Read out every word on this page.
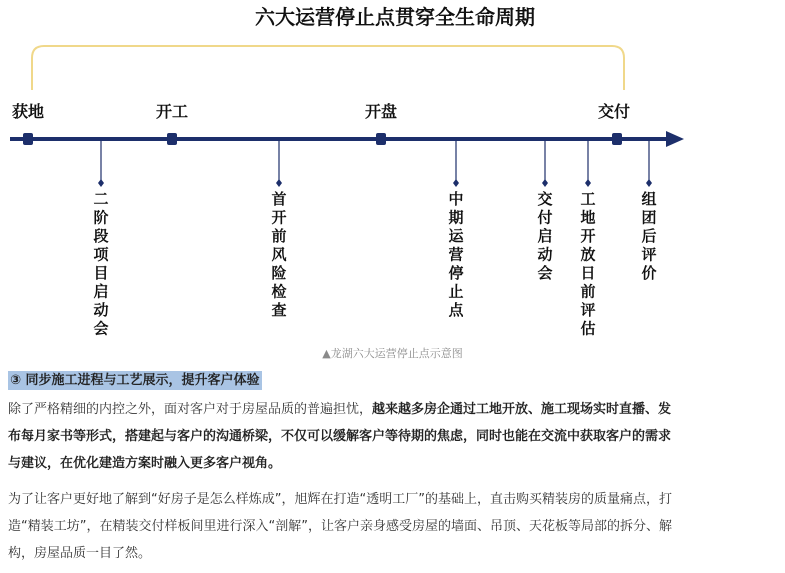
六大运营停止点贯穿全生命周期
获地	开工	开盘	交付
二阶段项目启动会
首开前风险检查
中期运营停止点
交付启动会
工地开放日前评估
组团后评价
▲龙湖六大运营停止点示意图
③ 同步施工进程与工艺展示，提升客户体验

除了严格精细的内控之外，面对客户对于房屋品质的普遍担忧，越来越多房企通过工地开放、施工现场实时直播、发布每月家书等形式，搭建起与客户的沟通桥梁，不仅可以缓解客户等待期的焦虑，同时也能在交流中获取客户的需求与建议，在优化建造方案时融入更多客户视角。

为了让客户更好地了解到“好房子是怎么样炼成”，旭辉在打造“透明工厂”的基础上，直击购买精装房的质量痛点，打造“精装工坊”，在精装交付样板间里进行深入“剖解”，让客户亲身感受房屋的墙面、吊顶、天花板等局部的拆分、解构，房屋品质一目了然。
